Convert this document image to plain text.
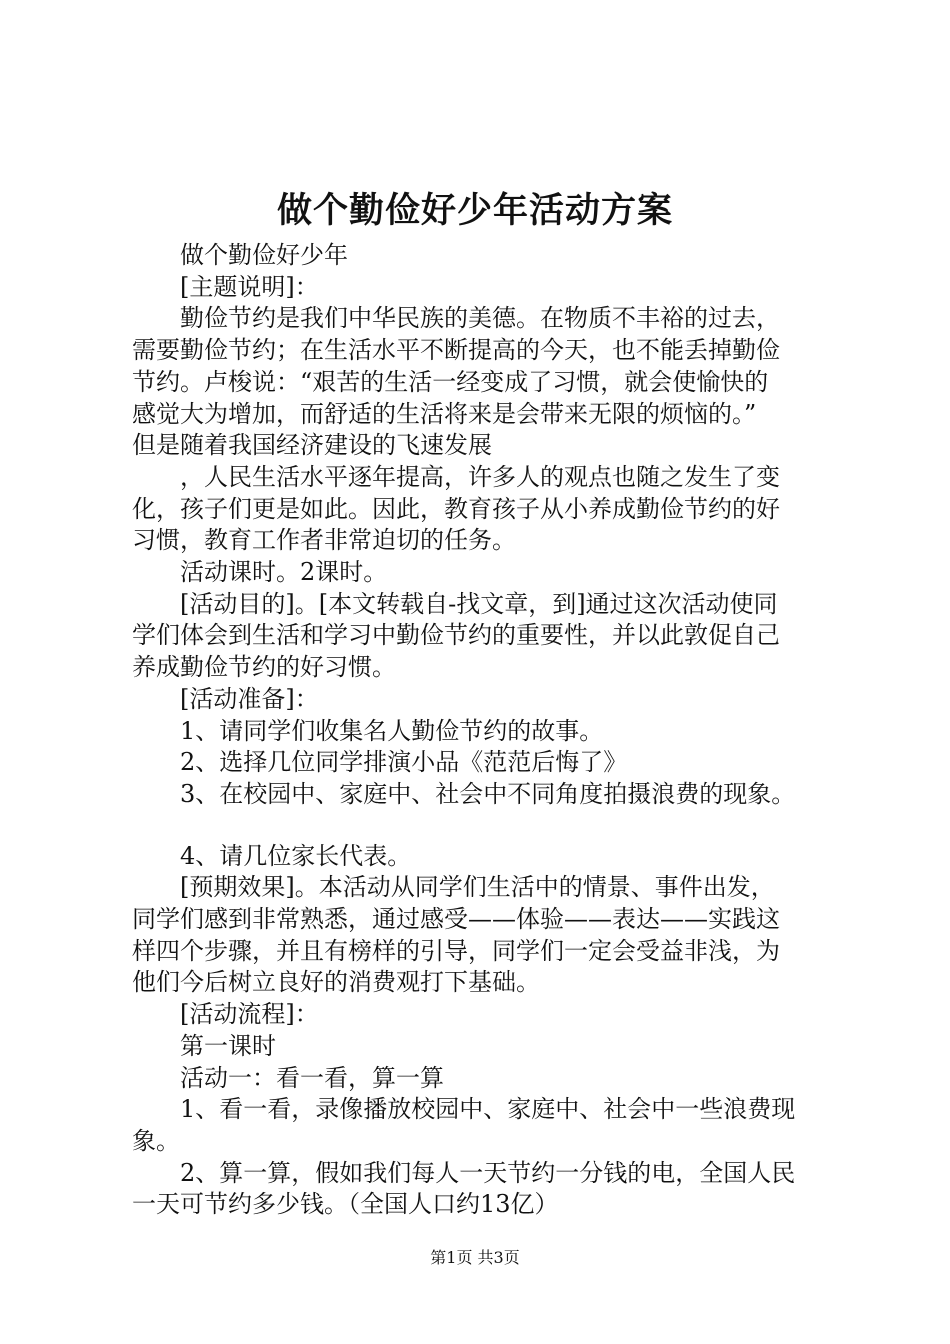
做个勤俭好少年活动方案

做个勤俭好少年

[主题说明]：

勤俭节约是我们中华民族的美德。在物质不丰裕的过去，

需要勤俭节约；在生活水平不断提高的今天，也不能丢掉勤俭

节约。卢梭说：“艰苦的生活一经变成了习惯，就会使愉快的

感觉大为增加，而舒适的生活将来是会带来无限的烦恼的。”

但是随着我国经济建设的飞速发展

，人民生活水平逐年提高，许多人的观点也随之发生了变

化，孩子们更是如此。因此，教育孩子从小养成勤俭节约的好

习惯，教育工作者非常迫切的任务。

活动课时。2课时。

[活动目的]。[本文转载自-找文章，到]通过这次活动使同

学们体会到生活和学习中勤俭节约的重要性，并以此敦促自己

养成勤俭节约的好习惯。

[活动准备]：

1、请同学们收集名人勤俭节约的故事。

2、选择几位同学排演小品《范范后悔了》

3、在校园中、家庭中、社会中不同角度拍摄浪费的现象。

4、请几位家长代表。

[预期效果]。本活动从同学们生活中的情景、事件出发，

同学们感到非常熟悉，通过感受——体验——表达——实践这

样四个步骤，并且有榜样的引导，同学们一定会受益非浅，为

他们今后树立良好的消费观打下基础。

[活动流程]：

第一课时

活动一：看一看，算一算

1、看一看，录像播放校园中、家庭中、社会中一些浪费现

象。

2、算一算，假如我们每人一天节约一分钱的电，全国人民

一天可节约多少钱。（全国人口约13亿）

第1页 共3页
